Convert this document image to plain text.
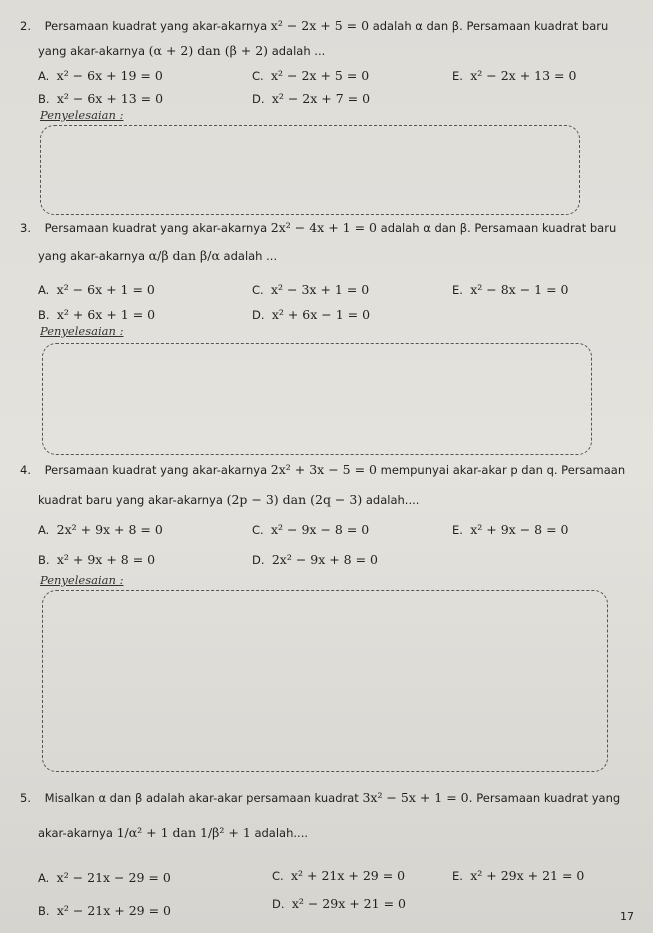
2. Persamaan kuadrat yang akar-akarnya x² − 2x + 5 = 0 adalah α dan β. Persamaan kuadrat baru
yang akar-akarnya (α + 2) dan (β + 2) adalah ...
A.  x² − 6x + 19 = 0	C.  x² − 2x + 5 = 0	E.  x² − 2x + 13 = 0
B.  x² − 6x + 13 = 0	D.  x² − 2x + 7 = 0
Penyelesaian :
3. Persamaan kuadrat yang akar-akarnya 2x² − 4x + 1 = 0 adalah α dan β. Persamaan kuadrat baru
yang akar-akarnya α/β dan β/α adalah ...
A.  x² − 6x + 1 = 0	C.  x² − 3x + 1 = 0	E.  x² − 8x − 1 = 0
B.  x² + 6x + 1 = 0	D.  x² + 6x − 1 = 0
Penyelesaian :
4. Persamaan kuadrat yang akar-akarnya 2x² + 3x − 5 = 0 mempunyai akar-akar p dan q. Persamaan
kuadrat baru yang akar-akarnya (2p − 3) dan (2q − 3) adalah....
A.  2x² + 9x + 8 = 0	C.  x² − 9x − 8 = 0	E.  x² + 9x − 8 = 0
B.  x² + 9x + 8 = 0	D.  2x² − 9x + 8 = 0
Penyelesaian :
5. Misalkan α dan β adalah akar-akar persamaan kuadrat 3x² − 5x + 1 = 0. Persamaan kuadrat yang
akar-akarnya 1/α² + 1 dan 1/β² + 1 adalah....
A.  x² − 21x − 29 = 0	C.  x² + 21x + 29 = 0	E.  x² + 29x + 21 = 0
B.  x² − 21x + 29 = 0	D.  x² − 29x + 21 = 0
17
